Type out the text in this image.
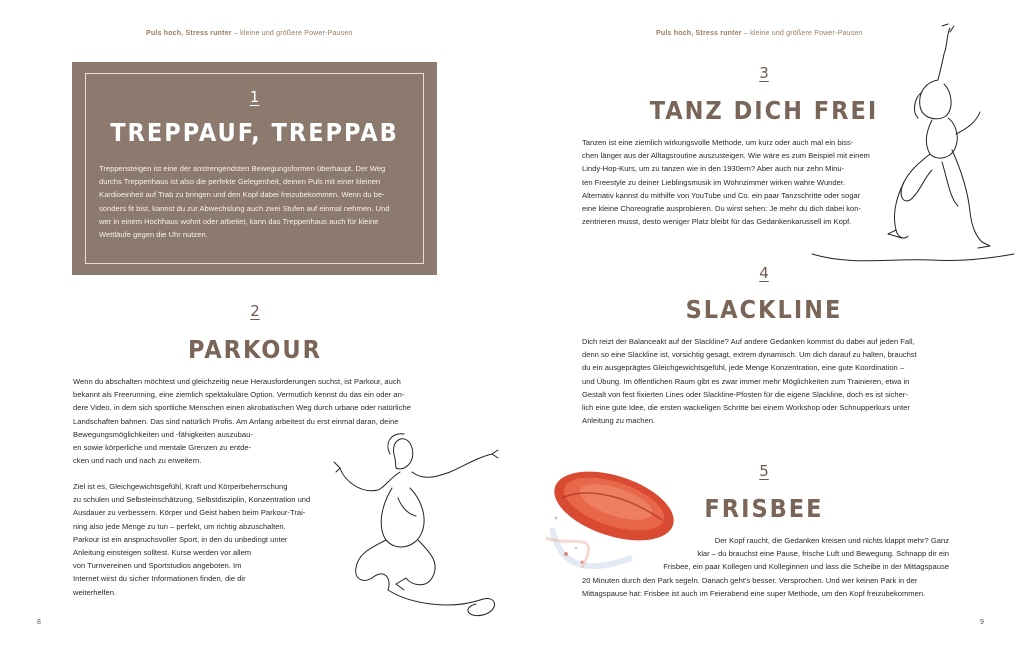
Puls hoch, Stress runter – kleine und größere Power-Pausen
1
TREPPAUF, TREPPAB
Treppensteigen ist eine der anstrengendsten Bewegungsformen überhaupt. Der Weg
durchs Treppenhaus ist also die perfekte Gelegenheit, deinen Puls mit einer kleinen
Kardioeinheit auf Trab zu bringen und den Kopf dabei freizubekommen. Wenn du be-
sonders fit bist, kannst du zur Abwechslung auch zwei Stufen auf einmal nehmen. Und
wer in einem Hochhaus wohnt oder arbeitet, kann das Treppenhaus auch für kleine
Wettläufe gegen die Uhr nutzen.
2
PARKOUR
Wenn du abschalten möchtest und gleichzeitig neue Herausforderungen suchst, ist Parkour, auch
bekannt als Freerunning, eine ziemlich spektakuläre Option. Vermutlich kennst du das ein oder an-
dere Video, in dem sich sportliche Menschen einen akrobatischen Weg durch urbane oder natürliche
Landschaften bahnen. Das sind natürlich Profis. Am Anfang arbeitest du erst einmal daran, deine
Bewegungsmöglichkeiten und -fähigkeiten auszubau-
en sowie körperliche und mentale Grenzen zu entde-
cken und nach und nach zu erweitern.
Ziel ist es, Gleichgewichtsgefühl, Kraft und Körperbeherrschung
zu schulen und Selbsteinschätzung, Selbstdisziplin, Konzentration und
Ausdauer zu verbessern. Körper und Geist haben beim Parkour-Trai-
ning also jede Menge zu tun – perfekt, um richtig abzuschalten.
Parkour ist ein anspruchsvoller Sport, in den du unbedingt unter
Anleitung einsteigen solltest. Kurse werden vor allem
von Turnvereinen und Sportstudios angeboten. Im
Internet wirst du sicher Informationen finden, die dir
weiterhelfen.
8
Puls hoch, Stress runter – kleine und größere Power-Pausen
3
TANZ DICH FREI
Tanzen ist eine ziemlich wirkungsvolle Methode, um kurz oder auch mal ein biss-
chen länger aus der Alltagsroutine auszusteigen. Wie wäre es zum Beispiel mit einem
Lindy-Hop-Kurs, um zu tanzen wie in den 1930ern? Aber auch nur zehn Minu-
ten Freestyle zu deiner Lieblingsmusik im Wohnzimmer wirken wahre Wunder.
Alternativ kannst du mithilfe von YouTube und Co. ein paar Tanzschritte oder sogar
eine kleine Choreografie ausprobieren. Du wirst sehen: Je mehr du dich dabei kon-
zentrieren musst, desto weniger Platz bleibt für das Gedankenkarussell im Kopf.
4
SLACKLINE
Dich reizt der Balanceakt auf der Slackline? Auf andere Gedanken kommst du dabei auf jeden Fall,
denn so eine Slackline ist, vorsichtig gesagt, extrem dynamisch. Um dich darauf zu halten, brauchst
du ein ausgeprägtes Gleichgewichtsgefühl, jede Menge Konzentration, eine gute Koordination –
und Übung. Im öffentlichen Raum gibt es zwar immer mehr Möglichkeiten zum Trainieren, etwa in
Gestalt von fest fixierten Lines oder Slackline-Pfosten für die eigene Slackline, doch es ist sicher-
lich eine gute Idee, die ersten wackeligen Schritte bei einem Workshop oder Schnupperkurs unter
Anleitung zu machen.
5
FRISBEE
Der Kopf raucht, die Gedanken kreisen und nichts klappt mehr? Ganz
klar – du brauchst eine Pause, frische Luft und Bewegung. Schnapp dir ein
Frisbee, ein paar Kollegen und Kolleginnen und lass die Scheibe in der Mittagspause
20 Minuten durch den Park segeln. Danach geht's besser. Versprochen. Und wer keinen Park in der
Mittagspause hat: Frisbee ist auch im Feierabend eine super Methode, um den Kopf freizubekommen.
9
